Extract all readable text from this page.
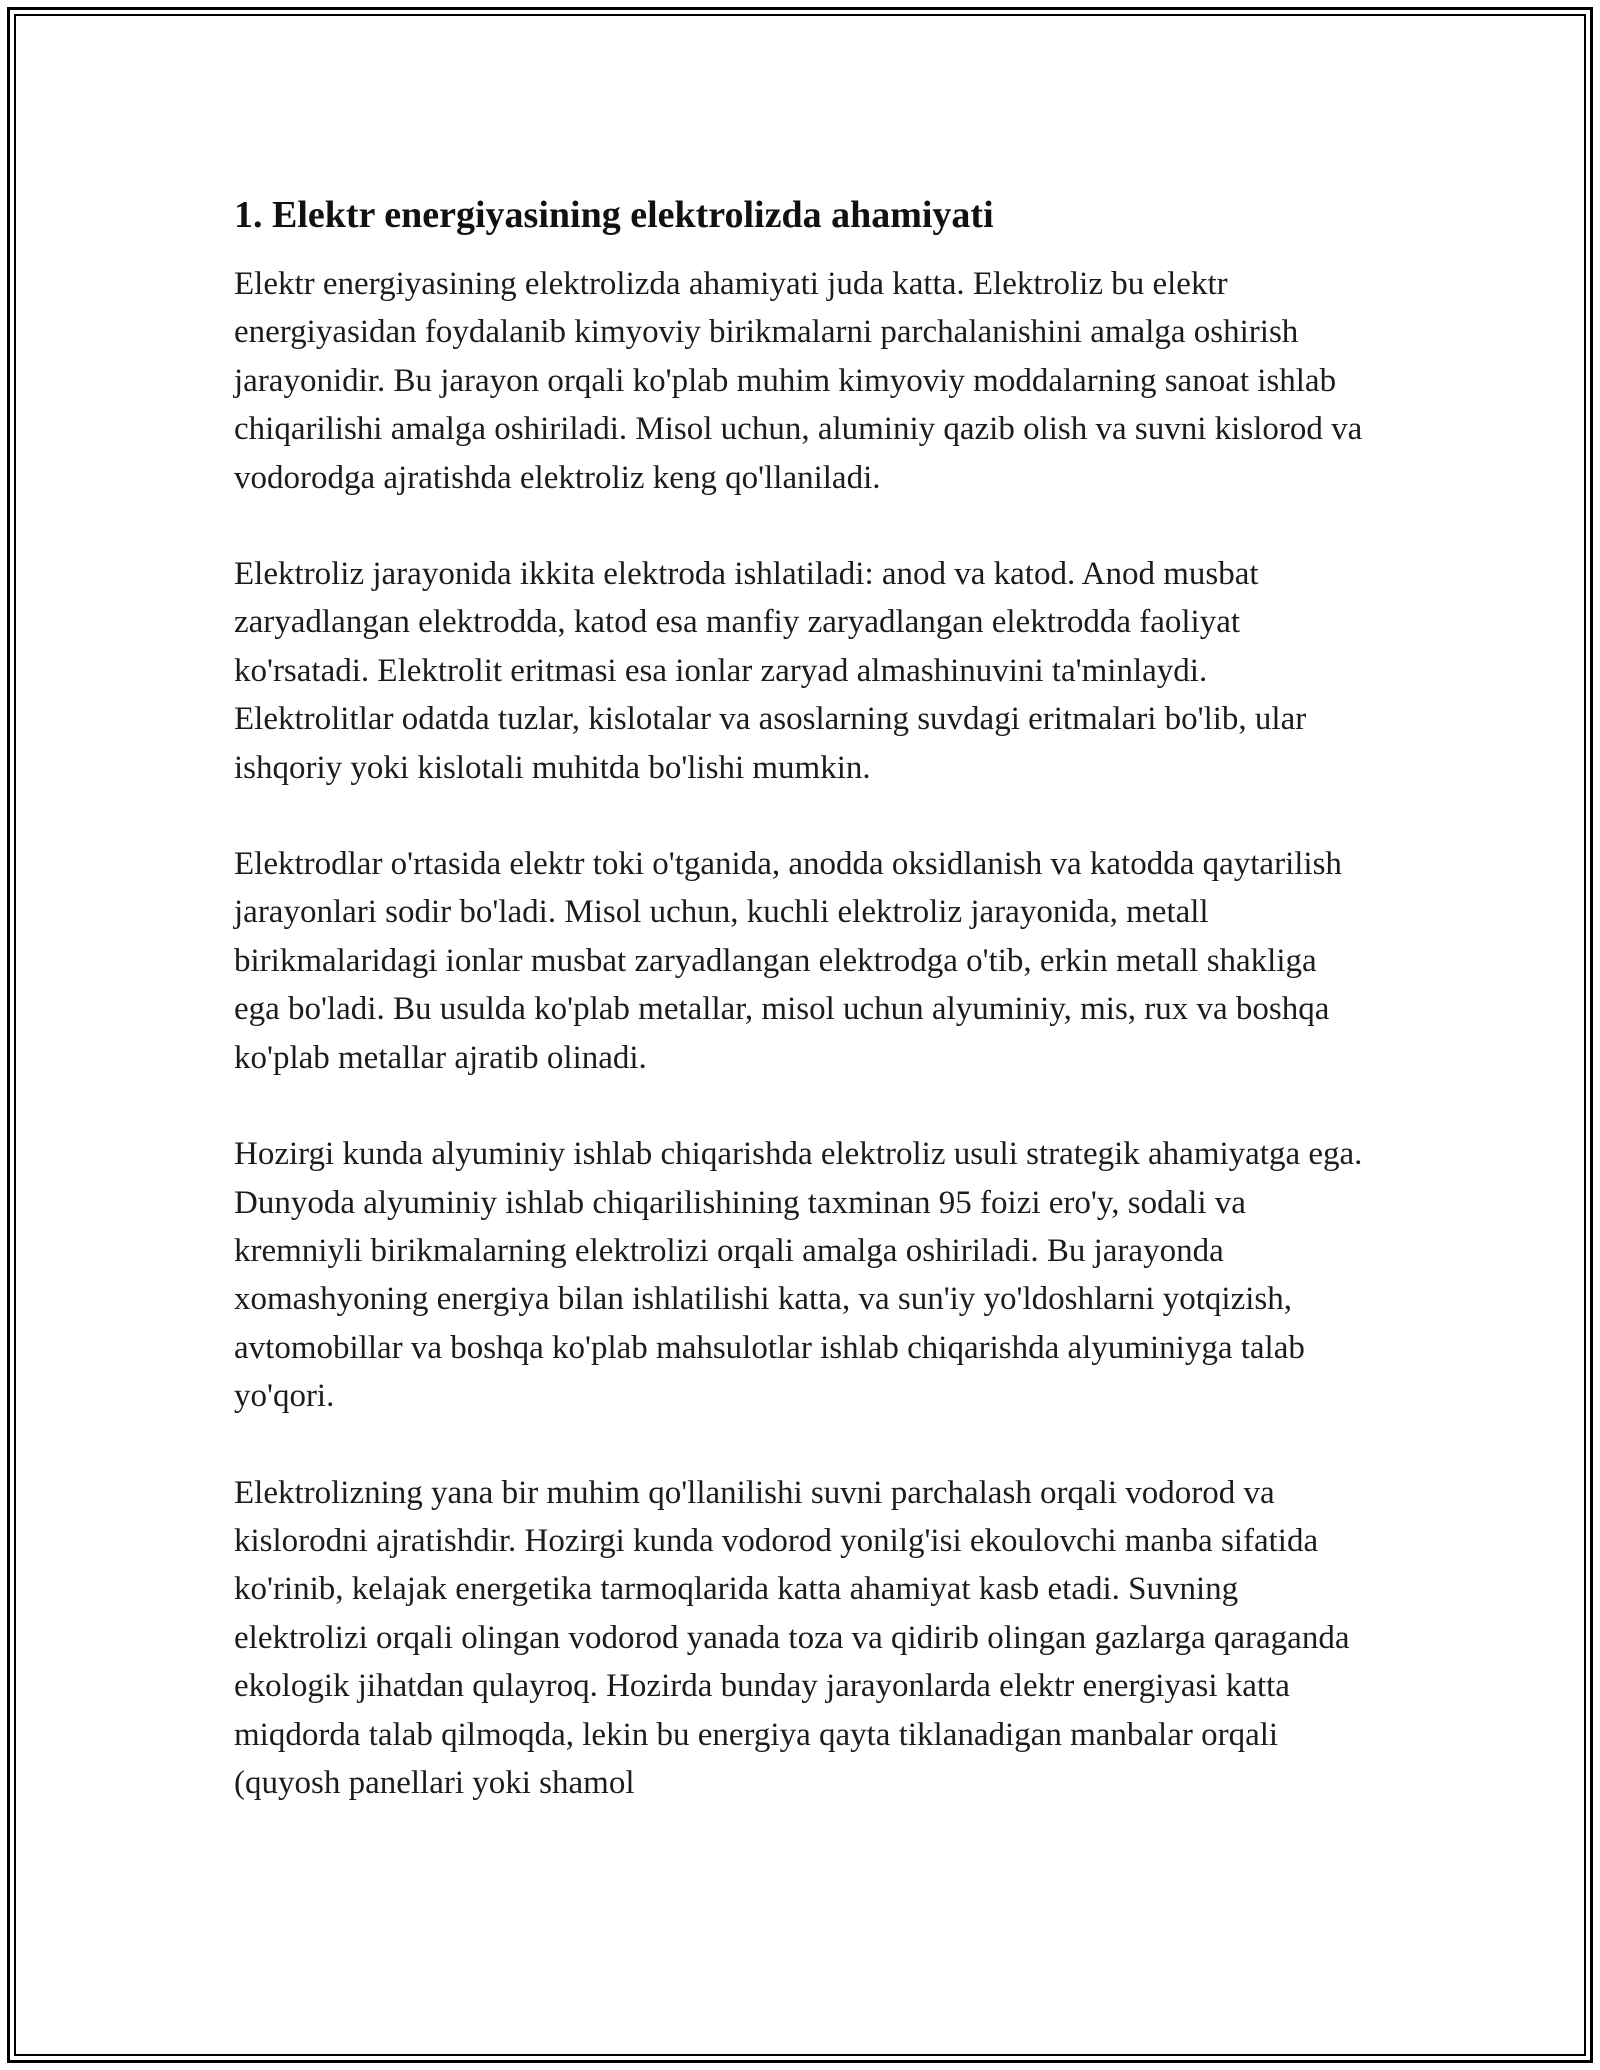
1. Elektr energiyasining elektrolizda ahamiyati

Elektr energiyasining elektrolizda ahamiyati juda katta. Elektroliz bu elektr energiyasidan foydalanib kimyoviy birikmalarni parchalanishini amalga oshirish jarayonidir. Bu jarayon orqali ko'plab muhim kimyoviy moddalarning sanoat ishlab chiqarilishi amalga oshiriladi. Misol uchun, aluminiy qazib olish va suvni kislorod va vodorodga ajratishda elektroliz keng qo'llaniladi.

Elektroliz jarayonida ikkita elektroda ishlatiladi: anod va katod. Anod musbat zaryadlangan elektrodda, katod esa manfiy zaryadlangan elektrodda faoliyat ko'rsatadi. Elektrolit eritmasi esa ionlar zaryad almashinuvini ta'minlaydi. Elektrolitlar odatda tuzlar, kislotalar va asoslarning suvdagi eritmalari bo'lib, ular ishqoriy yoki kislotali muhitda bo'lishi mumkin.

Elektrodlar o'rtasida elektr toki o'tganida, anodda oksidlanish va katodda qaytarilish jarayonlari sodir bo'ladi. Misol uchun, kuchli elektroliz jarayonida, metall birikmalaridagi ionlar musbat zaryadlangan elektrodga o'tib, erkin metall shakliga ega bo'ladi. Bu usulda ko'plab metallar, misol uchun alyuminiy, mis, rux va boshqa ko'plab metallar ajratib olinadi.

Hozirgi kunda alyuminiy ishlab chiqarishda elektroliz usuli strategik ahamiyatga ega. Dunyoda alyuminiy ishlab chiqarilishining taxminan 95 foizi ero'y, sodali va kremniyli birikmalarning elektrolizi orqali amalga oshiriladi. Bu jarayonda xomashyoning energiya bilan ishlatilishi katta, va sun'iy yo'ldoshlarni yotqizish, avtomobillar va boshqa ko'plab mahsulotlar ishlab chiqarishda alyuminiyga talab yo'qori.

Elektrolizning yana bir muhim qo'llanilishi suvni parchalash orqali vodorod va kislorodni ajratishdir. Hozirgi kunda vodorod yonilg'isi ekoulovchi manba sifatida ko'rinib, kelajak energetika tarmoqlarida katta ahamiyat kasb etadi. Suvning elektrolizi orqali olingan vodorod yanada toza va qidirib olingan gazlarga qaraganda ekologik jihatdan qulayroq. Hozirda bunday jarayonlarda elektr energiyasi katta miqdorda talab qilmoqda, lekin bu energiya qayta tiklanadigan manbalar orqali (quyosh panellari yoki shamol
